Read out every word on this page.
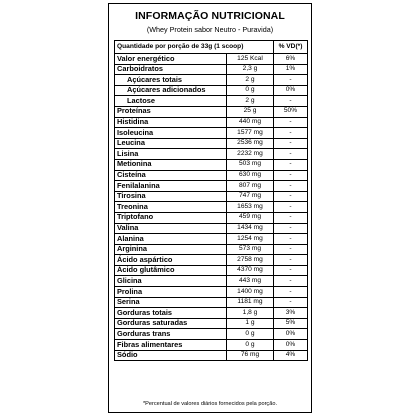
INFORMAÇÃO NUTRICIONAL
(Whey Protein sabor Neutro - Puravida)
Quantidade por porção de 33g (1 scoop)		% VD(*)
Valor energético	125 Kcal	6%
Carboidratos	2,3 g	1%
Açúcares totais	2 g	-
Açúcares adicionados	0 g	0%
Lactose	2 g	-
Proteínas	25 g	50%
Histidina	440 mg	-
Isoleucina	1577 mg	-
Leucina	2536 mg	-
Lisina	2232 mg	-
Metionina	503 mg	-
Cisteína	630 mg	-
Fenilalanina	807 mg	-
Tirosina	747 mg	-
Treonina	1653 mg	-
Triptofano	459 mg	-
Valina	1434 mg	-
Alanina	1254 mg	-
Arginina	573 mg	-
Ácido aspártico	2758 mg	-
Ácido glutâmico	4370 mg	-
Glicina	443 mg	-
Prolina	1400 mg	-
Serina	1181 mg	-
Gorduras totais	1,8 g	3%
Gorduras saturadas	1 g	5%
Gorduras trans	0 g	0%
Fibras alimentares	0 g	0%
Sódio	76 mg	4%
*Percentual de valores diários fornecidos pela porção.
